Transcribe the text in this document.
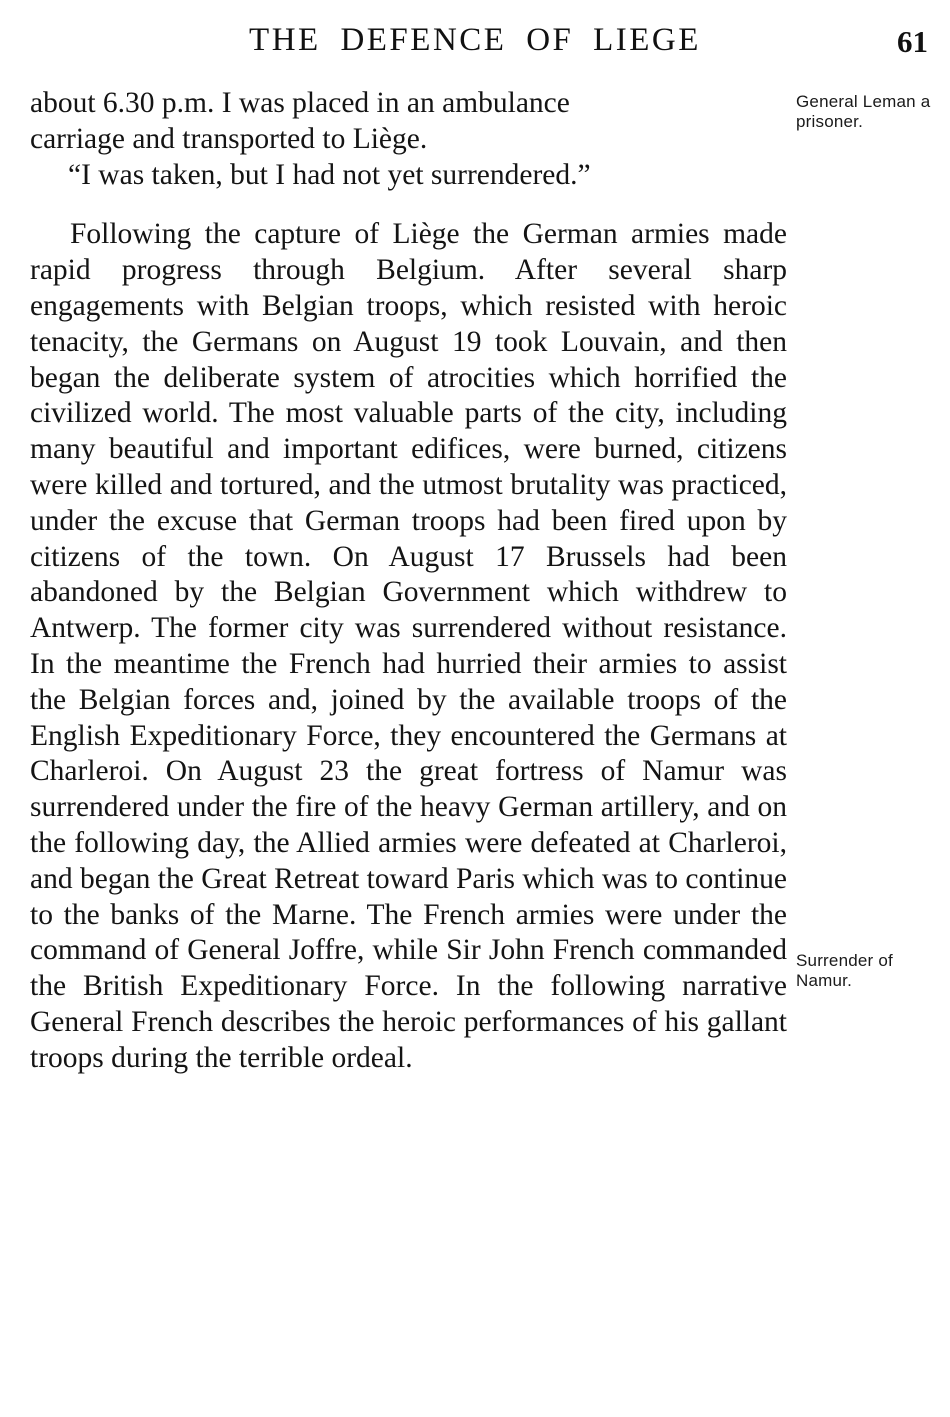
THE DEFENCE OF LIEGE	61

about 6.30 p.m. I was placed in an ambulance

carriage and transported to Liège.

“I was taken, but I had not yet surrendered.”

Following the capture of Liège the German armies made rapid progress through Belgium. After several sharp engagements with Belgian troops, which resisted with heroic tenacity, the Germans on August 19 took Louvain, and then began the deliberate system of atrocities which horrified the civilized world. The most valuable parts of the city, including many beautiful and important edifices, were burned, citizens were killed and tortured, and the utmost brutality was practiced, under the excuse that German troops had been fired upon by citizens of the town. On August 17 Brussels had been abandoned by the Belgian Government which withdrew to Antwerp. The former city was surrendered without resistance. In the meantime the French had hurried their armies to assist the Belgian forces and, joined by the available troops of the English Expeditionary Force, they encountered the Germans at Charleroi. On August 23 the great fortress of Namur was surrendered under the fire of the heavy German artillery, and on the following day, the Allied armies were defeated at Charleroi, and began the Great Retreat toward Paris which was to continue to the banks of the Marne. The French armies were under the command of General Joffre, while Sir John French commanded the British Expeditionary Force. In the following narrative General French describes the heroic performances of his gallant troops during the terrible ordeal.

General Leman a prisoner.
Surrender of Namur.
